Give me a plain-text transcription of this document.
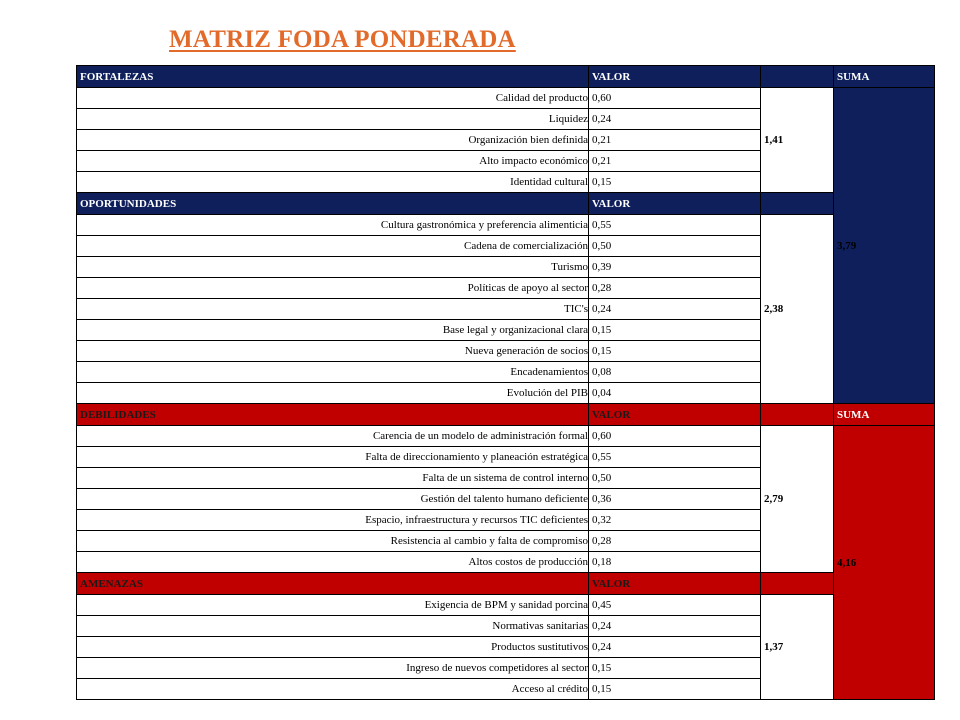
MATRIZ FODA PONDERADA
FORTALEZAS	VALOR		SUMA
Calidad del producto	0,60	1,41	3,79
Liquidez	0,24		
Organización bien definida	0,21		
Alto impacto económico	0,21		
Identidad cultural	0,15		
OPORTUNIDADES	VALOR		
Cultura gastronómica y preferencia alimenticia	0,55	2,38	
Cadena de comercialización	0,50		
Turismo	0,39		
Políticas de apoyo al sector	0,28		
TIC's	0,24		
Base legal y organizacional clara	0,15		
Nueva generación de socios	0,15		
Encadenamientos	0,08		
Evolución del PIB	0,04		
DEBILIDADES	VALOR		SUMA
Carencia de un modelo de administración formal	0,60	2,79	4,16
Falta de direccionamiento y planeación estratégica	0,55		
Falta de un sistema de control interno	0,50		
Gestión del talento humano deficiente	0,36		
Espacio, infraestructura y recursos TIC deficientes	0,32		
Resistencia al cambio y falta de compromiso	0,28		
Altos costos de producción	0,18		
AMENAZAS	VALOR		
Exigencia de BPM y sanidad porcina	0,45	1,37	
Normativas sanitarias	0,24		
Productos sustitutivos	0,24		
Ingreso de nuevos competidores al sector	0,15		
Acceso al crédito	0,15		
